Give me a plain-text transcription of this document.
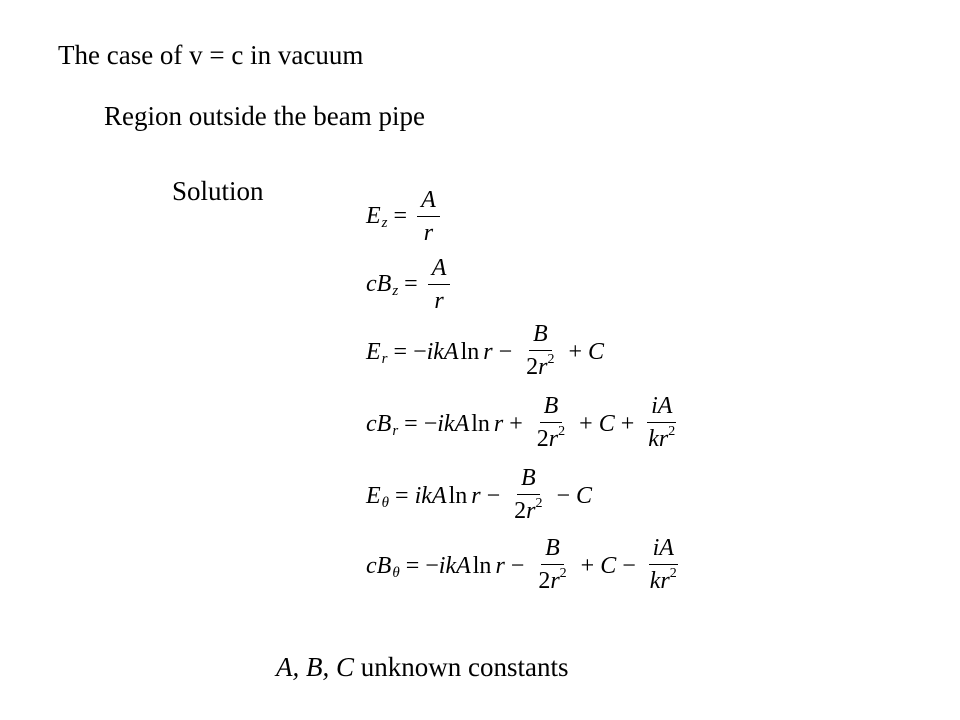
The case of v = c in vacuum
Region outside the beam pipe
Solution
E $z = \frac{A}{r}$
cB $z = \frac{A}{r}$
E r = − ikA $\ln r - \frac{B}{2r^2} + C$
cB r = − ikA $\ln r + \frac{B}{2r^2} + C + \frac{iA}{kr^2}$
E θ = ikA $\ln r - \frac{B}{2r^2} - C$
cB θ = − ikA $\ln r - \frac{B}{2r^2} + C - \frac{iA}{kr^2}$
A, B, C unknown constants
